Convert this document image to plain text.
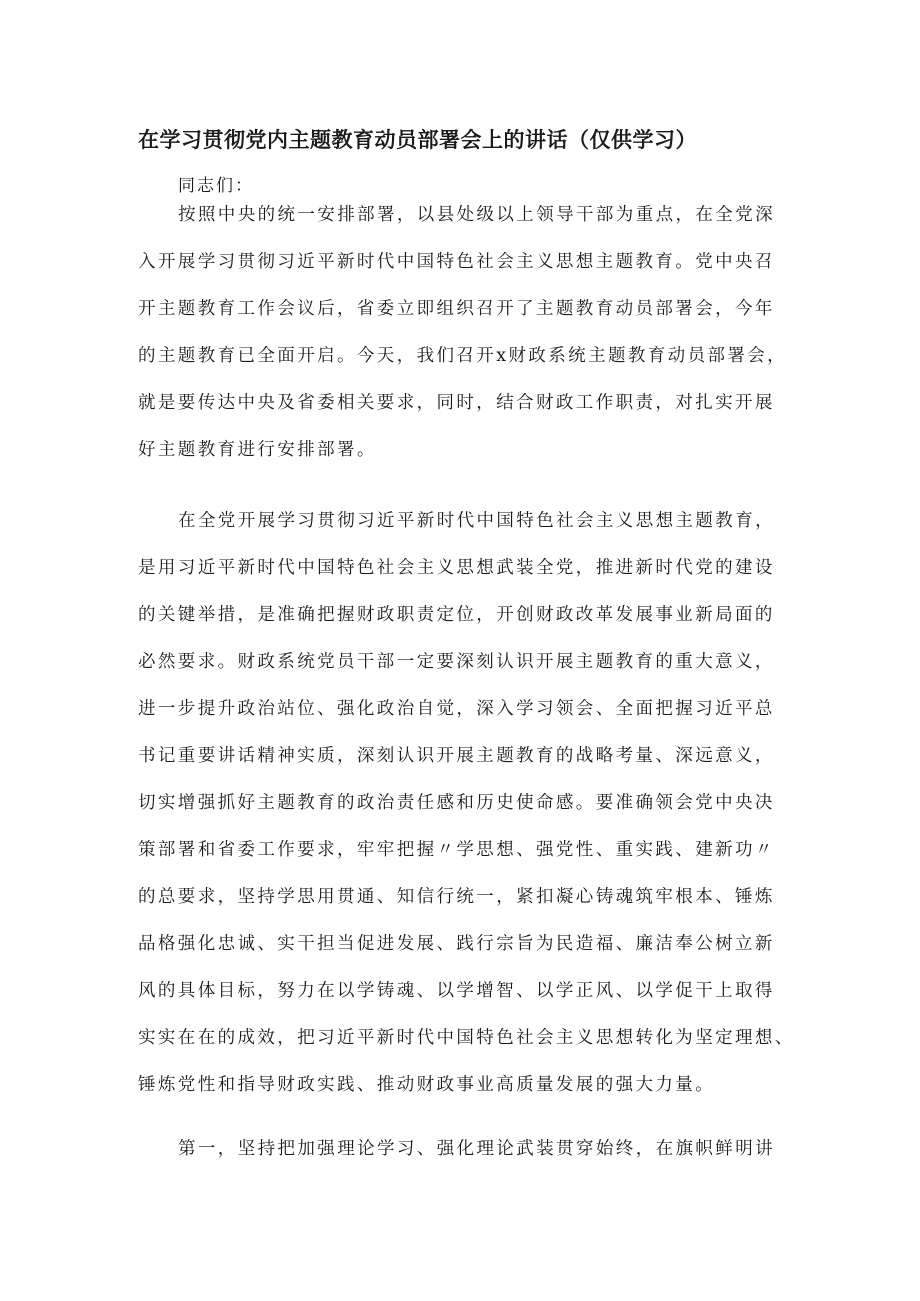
在学习贯彻党内主题教育动员部署会上的讲话（仅供学习）

同志们：

按照中央的统一安排部署，以县处级以上领导干部为重点，在全党深
入开展学习贯彻习近平新时代中国特色社会主义思想主题教育。党中央召
开主题教育工作会议后，省委立即组织召开了主题教育动员部署会，今年
的主题教育已全面开启。今天，我们召开x财政系统主题教育动员部署会，
就是要传达中央及省委相关要求，同时，结合财政工作职责，对扎实开展
好主题教育进行安排部署。
在全党开展学习贯彻习近平新时代中国特色社会主义思想主题教育，
是用习近平新时代中国特色社会主义思想武装全党，推进新时代党的建设
的关键举措，是准确把握财政职责定位，开创财政改革发展事业新局面的
必然要求。财政系统党员干部一定要深刻认识开展主题教育的重大意义，
进一步提升政治站位、强化政治自觉，深入学习领会、全面把握习近平总
书记重要讲话精神实质，深刻认识开展主题教育的战略考量、深远意义，
切实增强抓好主题教育的政治责任感和历史使命感。要准确领会党中央决
策部署和省委工作要求，牢牢把握〃学思想、强党性、重实践、建新功〃
的总要求，坚持学思用贯通、知信行统一，紧扣凝心铸魂筑牢根本、锤炼
品格强化忠诚、实干担当促进发展、践行宗旨为民造福、廉洁奉公树立新
风的具体目标，努力在以学铸魂、以学增智、以学正风、以学促干上取得
实实在在的成效，把习近平新时代中国特色社会主义思想转化为坚定理想、
锤炼党性和指导财政实践、推动财政事业高质量发展的强大力量。
第一，坚持把加强理论学习、强化理论武装贯穿始终，在旗帜鲜明讲
